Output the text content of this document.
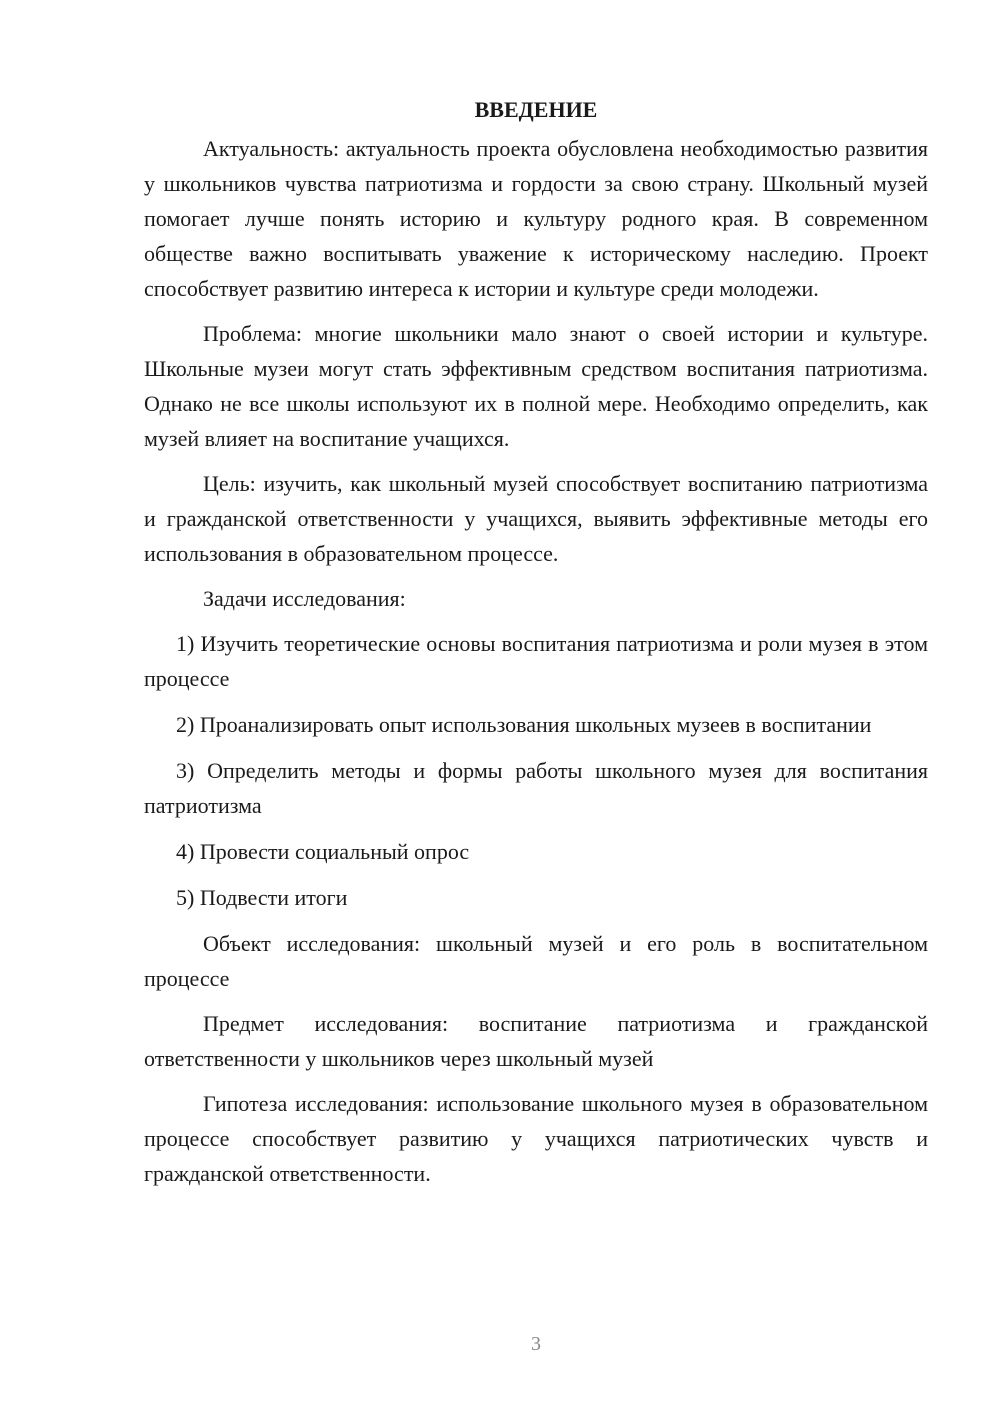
ВВЕДЕНИЕ

Актуальность: актуальность проекта обусловлена необходимостью развития у школьников чувства патриотизма и гордости за свою страну. Школьный музей помогает лучше понять историю и культуру родного края. В современном обществе важно воспитывать уважение к историческому наследию. Проект способствует развитию интереса к истории и культуре среди молодежи.

Проблема: многие школьники мало знают о своей истории и культуре. Школьные музеи могут стать эффективным средством воспитания патриотизма. Однако не все школы используют их в полной мере. Необходимо определить, как музей влияет на воспитание учащихся.

Цель: изучить, как школьный музей способствует воспитанию патриотизма и гражданской ответственности у учащихся, выявить эффективные методы его использования в образовательном процессе.

Задачи исследования:

1) Изучить теоретические основы воспитания патриотизма и роли музея в этом процессе

2) Проанализировать опыт использования школьных музеев в воспитании

3) Определить методы и формы работы школьного музея для воспитания патриотизма

4) Провести социальный опрос

5) Подвести итоги

Объект исследования: школьный музей и его роль в воспитательном процессе

Предмет исследования: воспитание патриотизма и гражданской ответственности у школьников через школьный музей

Гипотеза исследования: использование школьного музея в образовательном процессе способствует развитию у учащихся патриотических чувств и гражданской ответственности.

3
